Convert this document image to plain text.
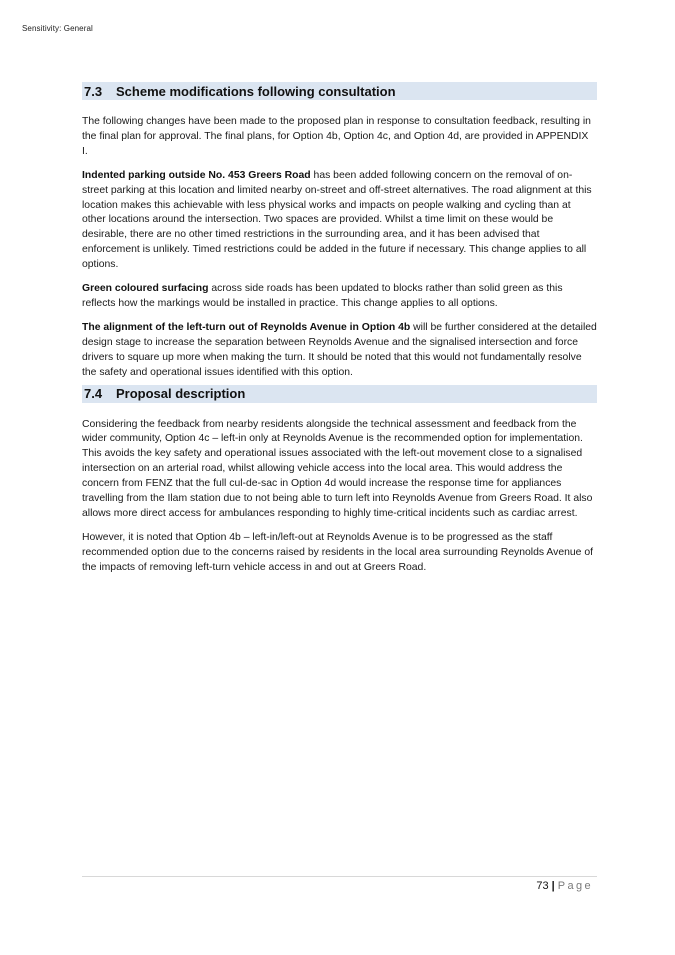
Sensitivity: General
7.3	Scheme modifications following consultation

The following changes have been made to the proposed plan in response to consultation feedback, resulting in the final plan for approval. The final plans, for Option 4b, Option 4c, and Option 4d, are provided in APPENDIX I.

Indented parking outside No. 453 Greers Road has been added following concern on the removal of on-street parking at this location and limited nearby on-street and off-street alternatives. The road alignment at this location makes this achievable with less physical works and impacts on people walking and cycling than at other locations around the intersection. Two spaces are provided. Whilst a time limit on these would be desirable, there are no other timed restrictions in the surrounding area, and it has been advised that enforcement is unlikely. Timed restrictions could be added in the future if necessary. This change applies to all options.

Green coloured surfacing across side roads has been updated to blocks rather than solid green as this reflects how the markings would be installed in practice. This change applies to all options.

The alignment of the left-turn out of Reynolds Avenue in Option 4b will be further considered at the detailed design stage to increase the separation between Reynolds Avenue and the signalised intersection and force drivers to square up more when making the turn. It should be noted that this would not fundamentally resolve the safety and operational issues identified with this option.

7.4	Proposal description

Considering the feedback from nearby residents alongside the technical assessment and feedback from the wider community, Option 4c – left-in only at Reynolds Avenue is the recommended option for implementation. This avoids the key safety and operational issues associated with the left-out movement close to a signalised intersection on an arterial road, whilst allowing vehicle access into the local area. This would address the concern from FENZ that the full cul-de-sac in Option 4d would increase the response time for appliances travelling from the Ilam station due to not being able to turn left into Reynolds Avenue from Greers Road. It also allows more direct access for ambulances responding to highly time-critical incidents such as cardiac arrest.

However, it is noted that Option 4b – left-in/left-out at Reynolds Avenue is to be progressed as the staff recommended option due to the concerns raised by residents in the local area surrounding Reynolds Avenue of the impacts of removing left-turn vehicle access in and out at Greers Road.

73 | Page
